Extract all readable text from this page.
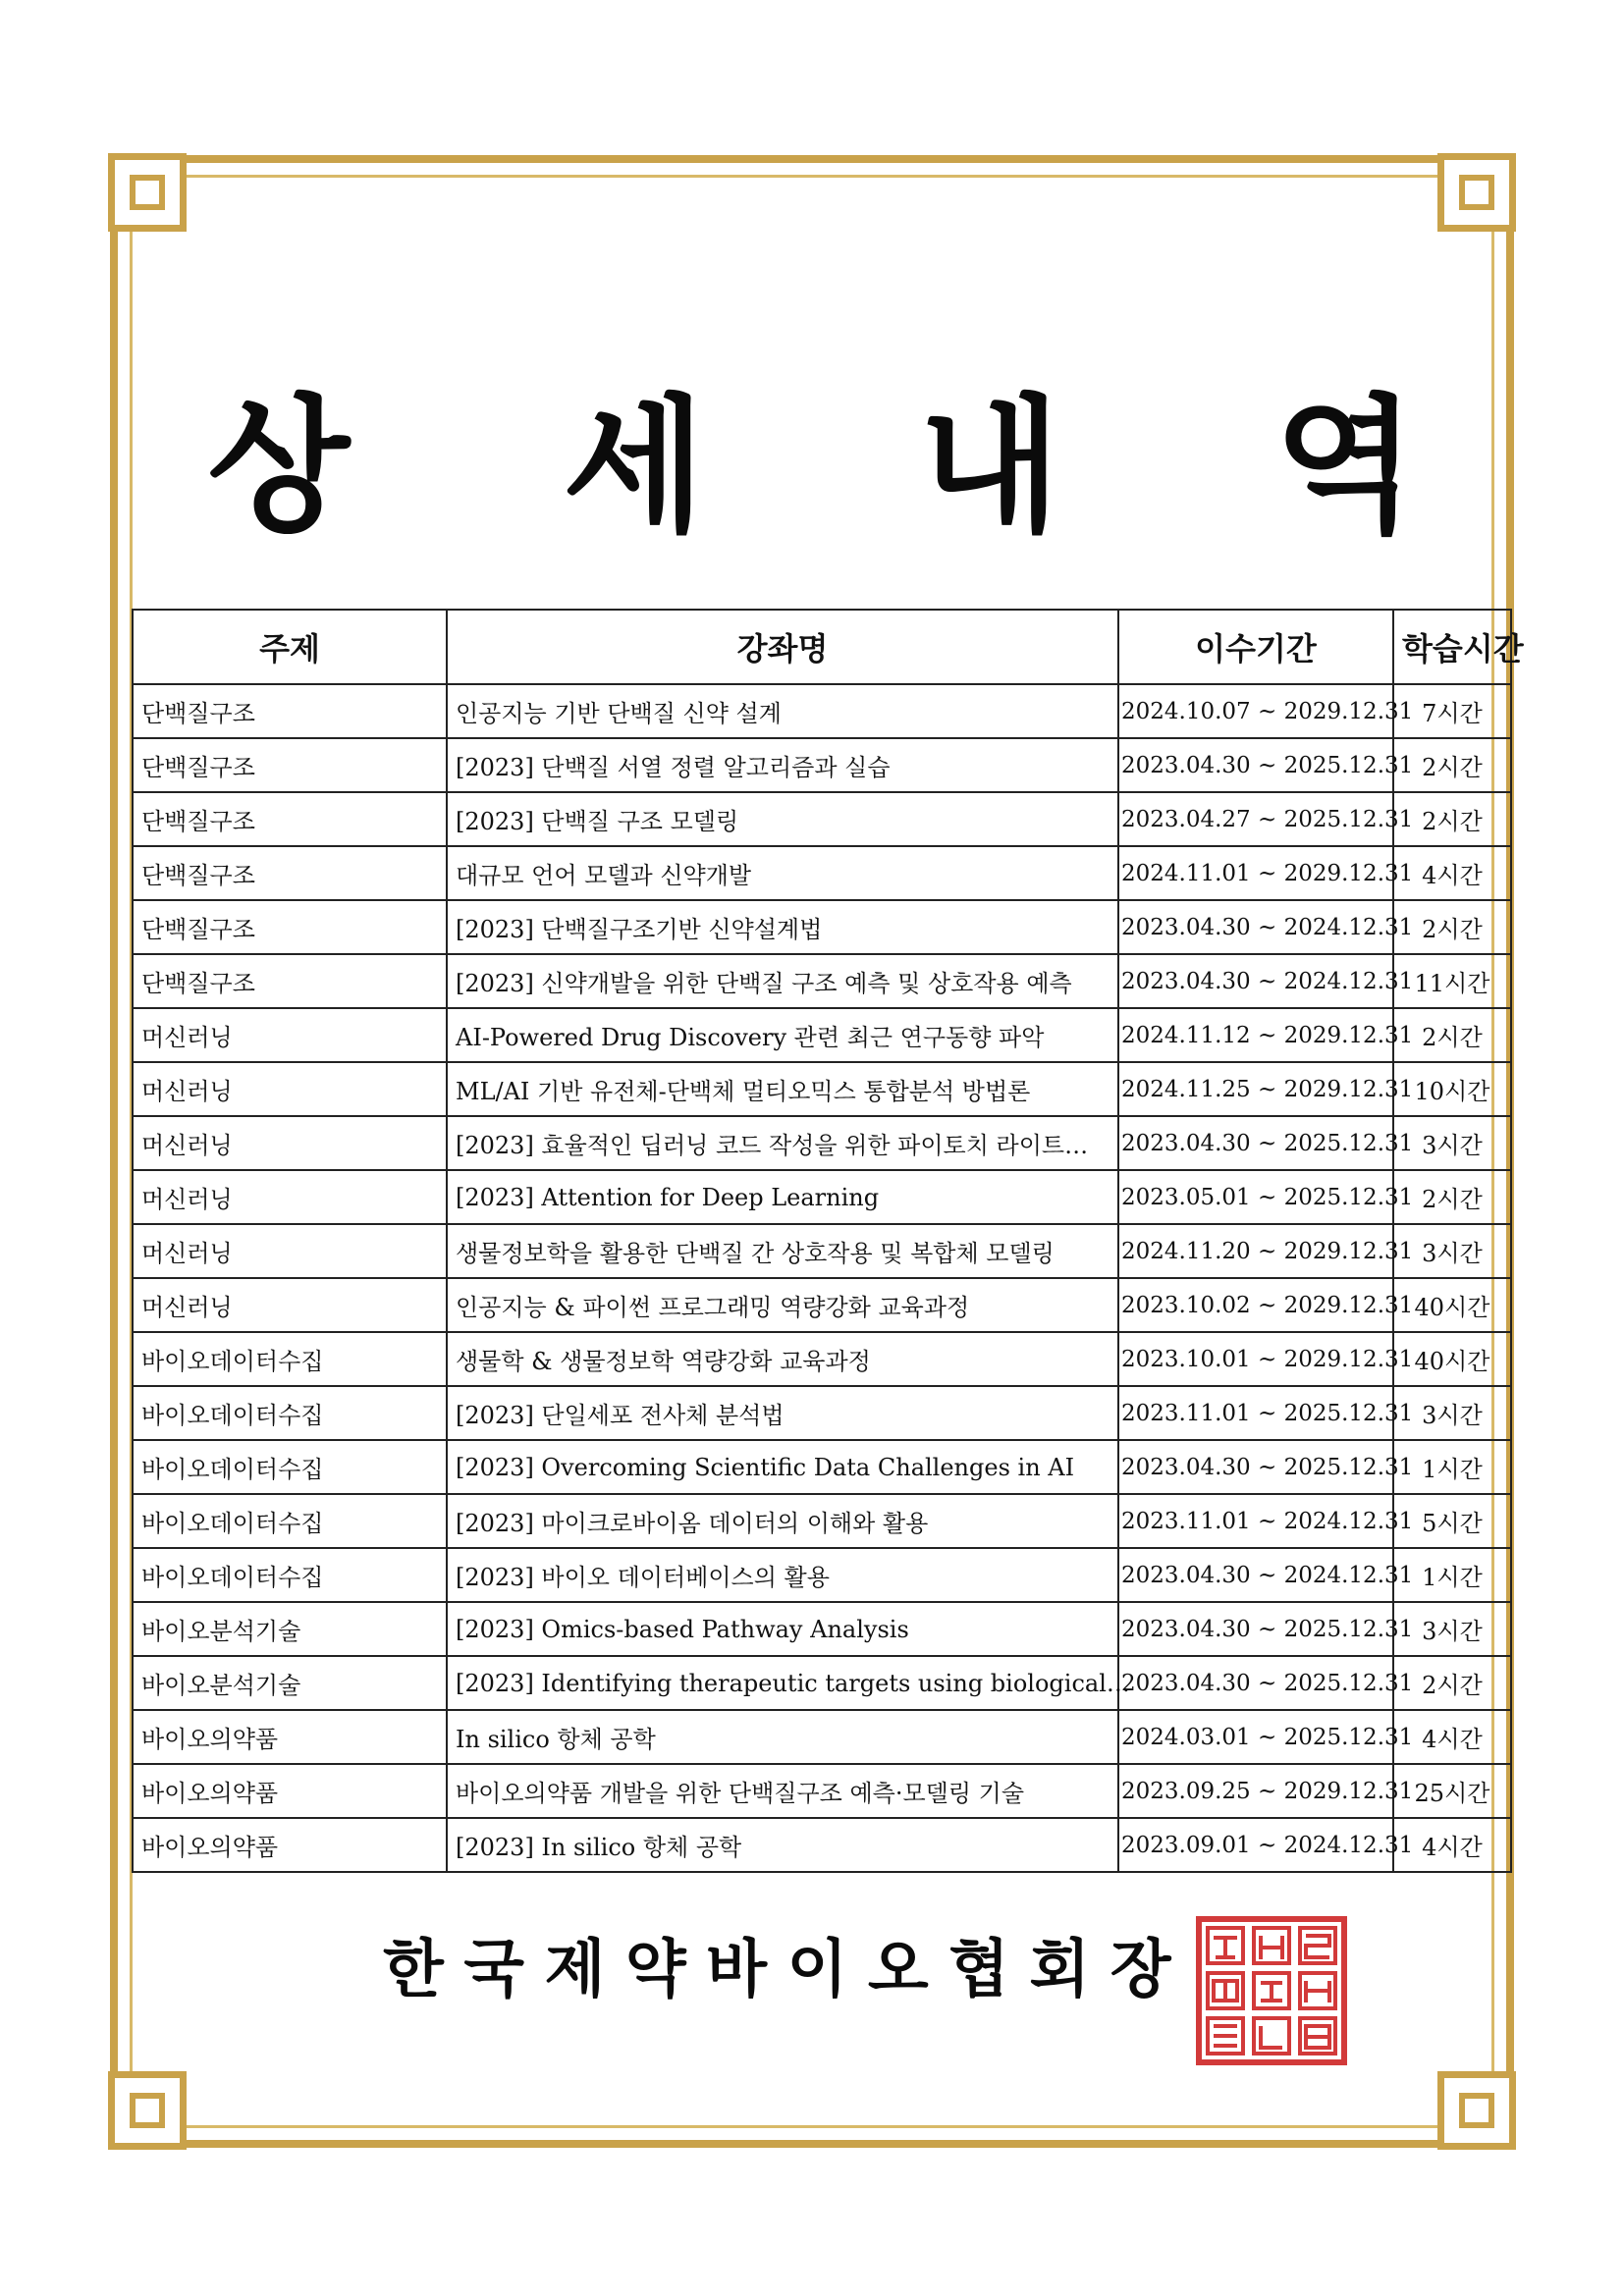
상 세 내 역
주제	강좌명	이수기간	학습시간
단백질구조	인공지능 기반 단백질 신약 설계	2024.10.07 ~ 2029.12.31	7시간
단백질구조	[2023] 단백질 서열 정렬 알고리즘과 실습	2023.04.30 ~ 2025.12.31	2시간
단백질구조	[2023] 단백질 구조 모델링	2023.04.27 ~ 2025.12.31	2시간
단백질구조	대규모 언어 모델과 신약개발	2024.11.01 ~ 2029.12.31	4시간
단백질구조	[2023] 단백질구조기반 신약설계법	2023.04.30 ~ 2024.12.31	2시간
단백질구조	[2023] 신약개발을 위한 단백질 구조 예측 및 상호작용 예측	2023.04.30 ~ 2024.12.31	11시간
머신러닝	AI-Powered Drug Discovery 관련 최근 연구동향 파악	2024.11.12 ~ 2029.12.31	2시간
머신러닝	ML/AI 기반 유전체-단백체 멀티오믹스 통합분석 방법론	2024.11.25 ~ 2029.12.31	10시간
머신러닝	[2023] 효율적인 딥러닝 코드 작성을 위한 파이토치 라이트…	2023.04.30 ~ 2025.12.31	3시간
머신러닝	[2023] Attention for Deep Learning	2023.05.01 ~ 2025.12.31	2시간
머신러닝	생물정보학을 활용한 단백질 간 상호작용 및 복합체 모델링	2024.11.20 ~ 2029.12.31	3시간
머신러닝	인공지능 & 파이썬 프로그래밍 역량강화 교육과정	2023.10.02 ~ 2029.12.31	40시간
바이오데이터수집	생물학 & 생물정보학 역량강화 교육과정	2023.10.01 ~ 2029.12.31	40시간
바이오데이터수집	[2023] 단일세포 전사체 분석법	2023.11.01 ~ 2025.12.31	3시간
바이오데이터수집	[2023] Overcoming Scientific Data Challenges in AI	2023.04.30 ~ 2025.12.31	1시간
바이오데이터수집	[2023] 마이크로바이옴 데이터의 이해와 활용	2023.11.01 ~ 2024.12.31	5시간
바이오데이터수집	[2023] 바이오 데이터베이스의 활용	2023.04.30 ~ 2024.12.31	1시간
바이오분석기술	[2023] Omics-based Pathway Analysis	2023.04.30 ~ 2025.12.31	3시간
바이오분석기술	[2023] Identifying therapeutic targets using biological…	2023.04.30 ~ 2025.12.31	2시간
바이오의약품	In silico 항체 공학	2024.03.01 ~ 2025.12.31	4시간
바이오의약품	바이오의약품 개발을 위한 단백질구조 예측·모델링 기술	2023.09.25 ~ 2029.12.31	25시간
바이오의약품	[2023] In silico 항체 공학	2023.09.01 ~ 2024.12.31	4시간
한국제약바이오협회장
